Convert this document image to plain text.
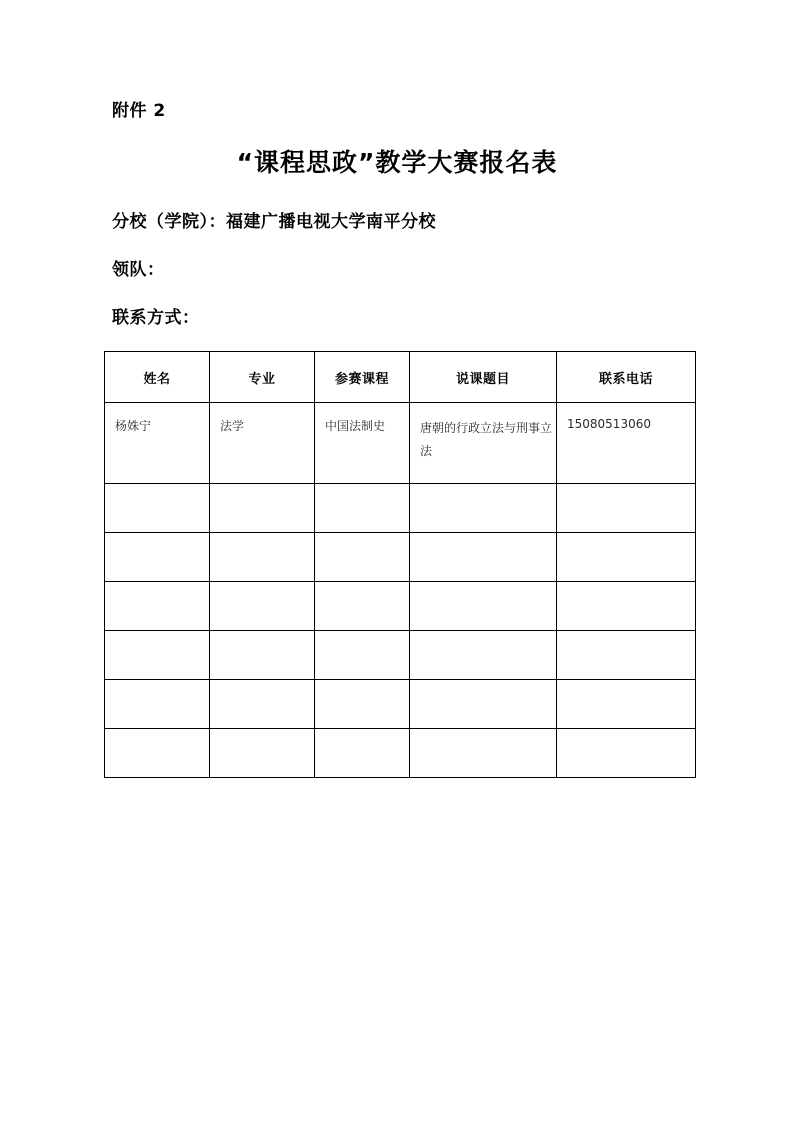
附件 2
“课程思政”教学大赛报名表
分校（学院）：福建广播电视大学南平分校
领队：
联系方式：
姓名	专业	参赛课程	说课题目	联系电话
杨姝宁	法学	中国法制史	唐朝的行政立法与刑事立法	15080513060
